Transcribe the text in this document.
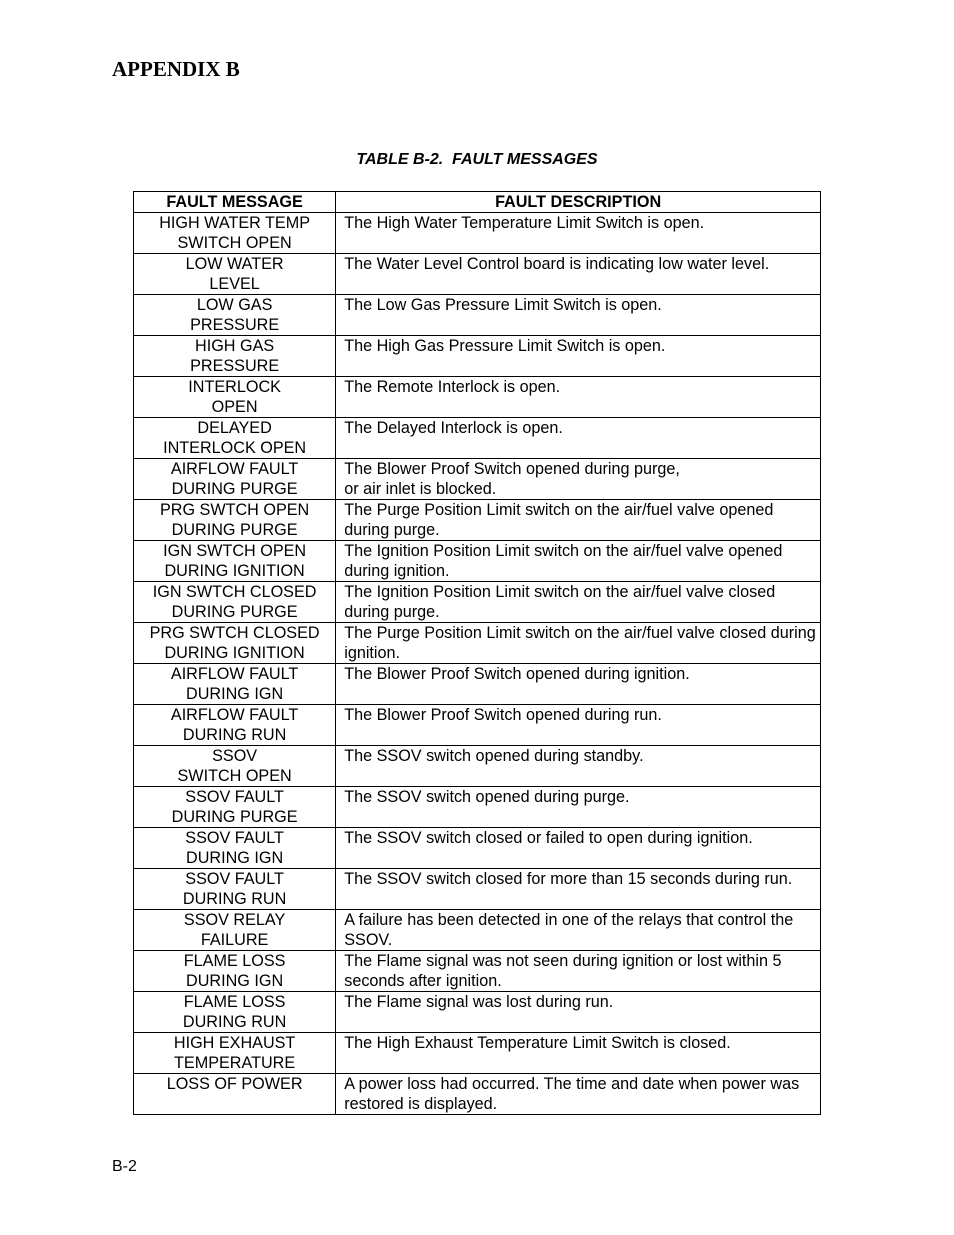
APPENDIX B
TABLE B-2.  FAULT MESSAGES
FAULT MESSAGE	FAULT DESCRIPTION

HIGH WATER TEMP
SWITCH OPEN	The High Water Temperature Limit Switch is open.

LOW WATER
LEVEL	The Water Level Control board is indicating low water level.

LOW GAS
PRESSURE	The Low Gas Pressure Limit Switch is open.

HIGH GAS
PRESSURE	The High Gas Pressure Limit Switch is open.

INTERLOCK
OPEN	The Remote Interlock is open.

DELAYED
INTERLOCK OPEN	The Delayed Interlock is open.

AIRFLOW FAULT
DURING PURGE	The Blower Proof Switch opened during purge,
or air inlet is blocked.

PRG SWTCH OPEN
DURING PURGE	The Purge Position Limit switch on the air/fuel valve opened during purge.

IGN SWTCH OPEN
DURING IGNITION	The Ignition Position Limit switch on the air/fuel valve opened during ignition.

IGN SWTCH CLOSED
DURING PURGE	The Ignition Position Limit switch on the air/fuel valve closed during purge.

PRG SWTCH CLOSED
DURING IGNITION	The Purge Position Limit switch on the air/fuel valve closed during ignition.

AIRFLOW FAULT
DURING IGN	The Blower Proof Switch opened during ignition.

AIRFLOW FAULT
DURING RUN	The Blower Proof Switch opened during run.

SSOV
SWITCH OPEN	The SSOV switch opened during standby.

SSOV FAULT
DURING PURGE	The SSOV switch opened during purge.

SSOV FAULT
DURING IGN	The SSOV switch closed or failed to open during ignition.

SSOV FAULT
DURING RUN	The SSOV switch closed for more than 15 seconds during run.

SSOV RELAY
FAILURE	A failure has been detected in one of the relays that control the SSOV.

FLAME LOSS
DURING IGN	The Flame signal was not seen during ignition or lost within 5 seconds after ignition.

FLAME LOSS
DURING RUN	The Flame signal was lost during run.

HIGH EXHAUST
TEMPERATURE	The High Exhaust Temperature Limit Switch is closed.

LOSS OF POWER	A power loss had occurred. The time and date when power was restored is displayed.
B-2
